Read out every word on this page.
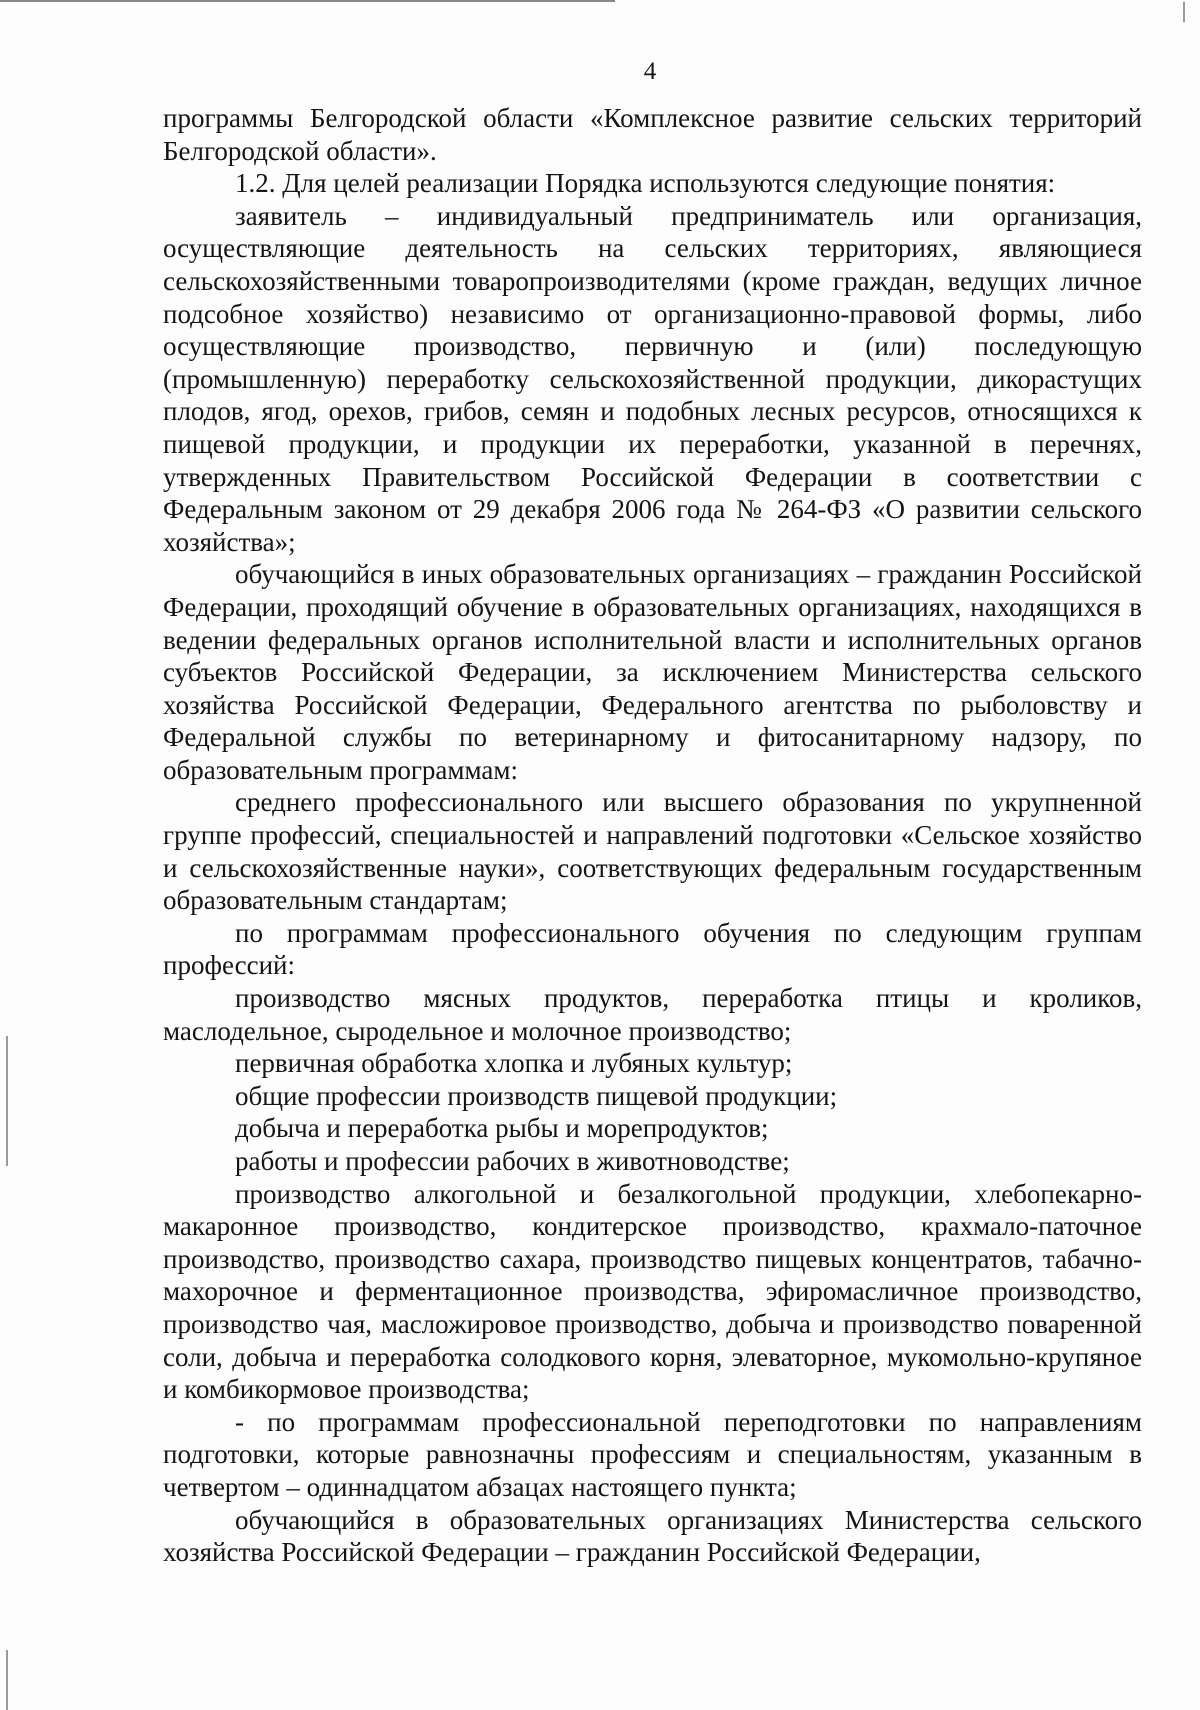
4

программы Белгородской области «Комплексное развитие сельских территорий Белгородской области».

1.2. Для целей реализации Порядка используются следующие понятия:

заявитель – индивидуальный предприниматель или организация, осуществляющие деятельность на сельских территориях, являющиеся сельскохозяйственными товаропроизводителями (кроме граждан, ведущих личное подсобное хозяйство) независимо от организационно-правовой формы, либо осуществляющие производство, первичную и (или) последующую (промышленную) переработку сельскохозяйственной продукции, дикорастущих плодов, ягод, орехов, грибов, семян и подобных лесных ресурсов, относящихся к пищевой продукции, и продукции их переработки, указанной в перечнях, утвержденных Правительством Российской Федерации в соответствии с Федеральным законом от 29 декабря 2006 года № 264-ФЗ «О развитии сельского хозяйства»;

обучающийся в иных образовательных организациях – гражданин Российской Федерации, проходящий обучение в образовательных организациях, находящихся в ведении федеральных органов исполнительной власти и исполнительных органов субъектов Российской Федерации, за исключением Министерства сельского хозяйства Российской Федерации, Федерального агентства по рыболовству и Федеральной службы по ветеринарному и фитосанитарному надзору, по образовательным программам:

среднего профессионального или высшего образования по укрупненной группе профессий, специальностей и направлений подготовки «Сельское хозяйство и сельскохозяйственные науки», соответствующих федеральным государственным образовательным стандартам;

по программам профессионального обучения по следующим группам профессий:

производство мясных продуктов, переработка птицы и кроликов, маслодельное, сыродельное и молочное производство;

первичная обработка хлопка и лубяных культур;

общие профессии производств пищевой продукции;

добыча и переработка рыбы и морепродуктов;

работы и профессии рабочих в животноводстве;

производство алкогольной и безалкогольной продукции, хлебопекарно-макаронное производство, кондитерское производство, крахмало-паточное производство, производство сахара, производство пищевых концентратов, табачно-махорочное и ферментационное производства, эфиромасличное производство, производство чая, масложировое производство, добыча и производство поваренной соли, добыча и переработка солодкового корня, элеваторное, мукомольно-крупяное и комбикормовое производства;

- по программам профессиональной переподготовки по направлениям подготовки, которые равнозначны профессиям и специальностям, указанным в четвертом – одиннадцатом абзацах настоящего пункта;

обучающийся в образовательных организациях Министерства сельского хозяйства Российской Федерации – гражданин Российской Федерации,
